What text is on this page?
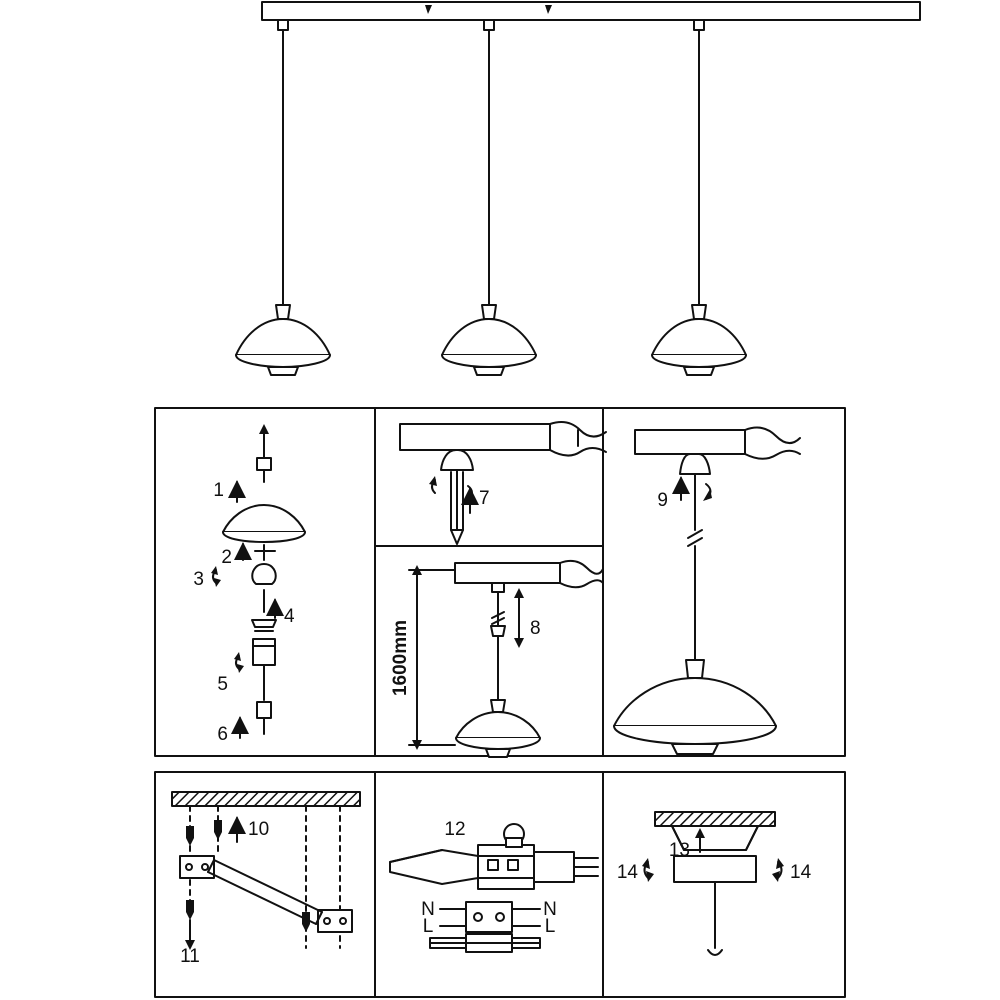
1
2
3
4
5
6
7
8
9
10
11
12
13
14	14
1600mm
N
L
N
L
